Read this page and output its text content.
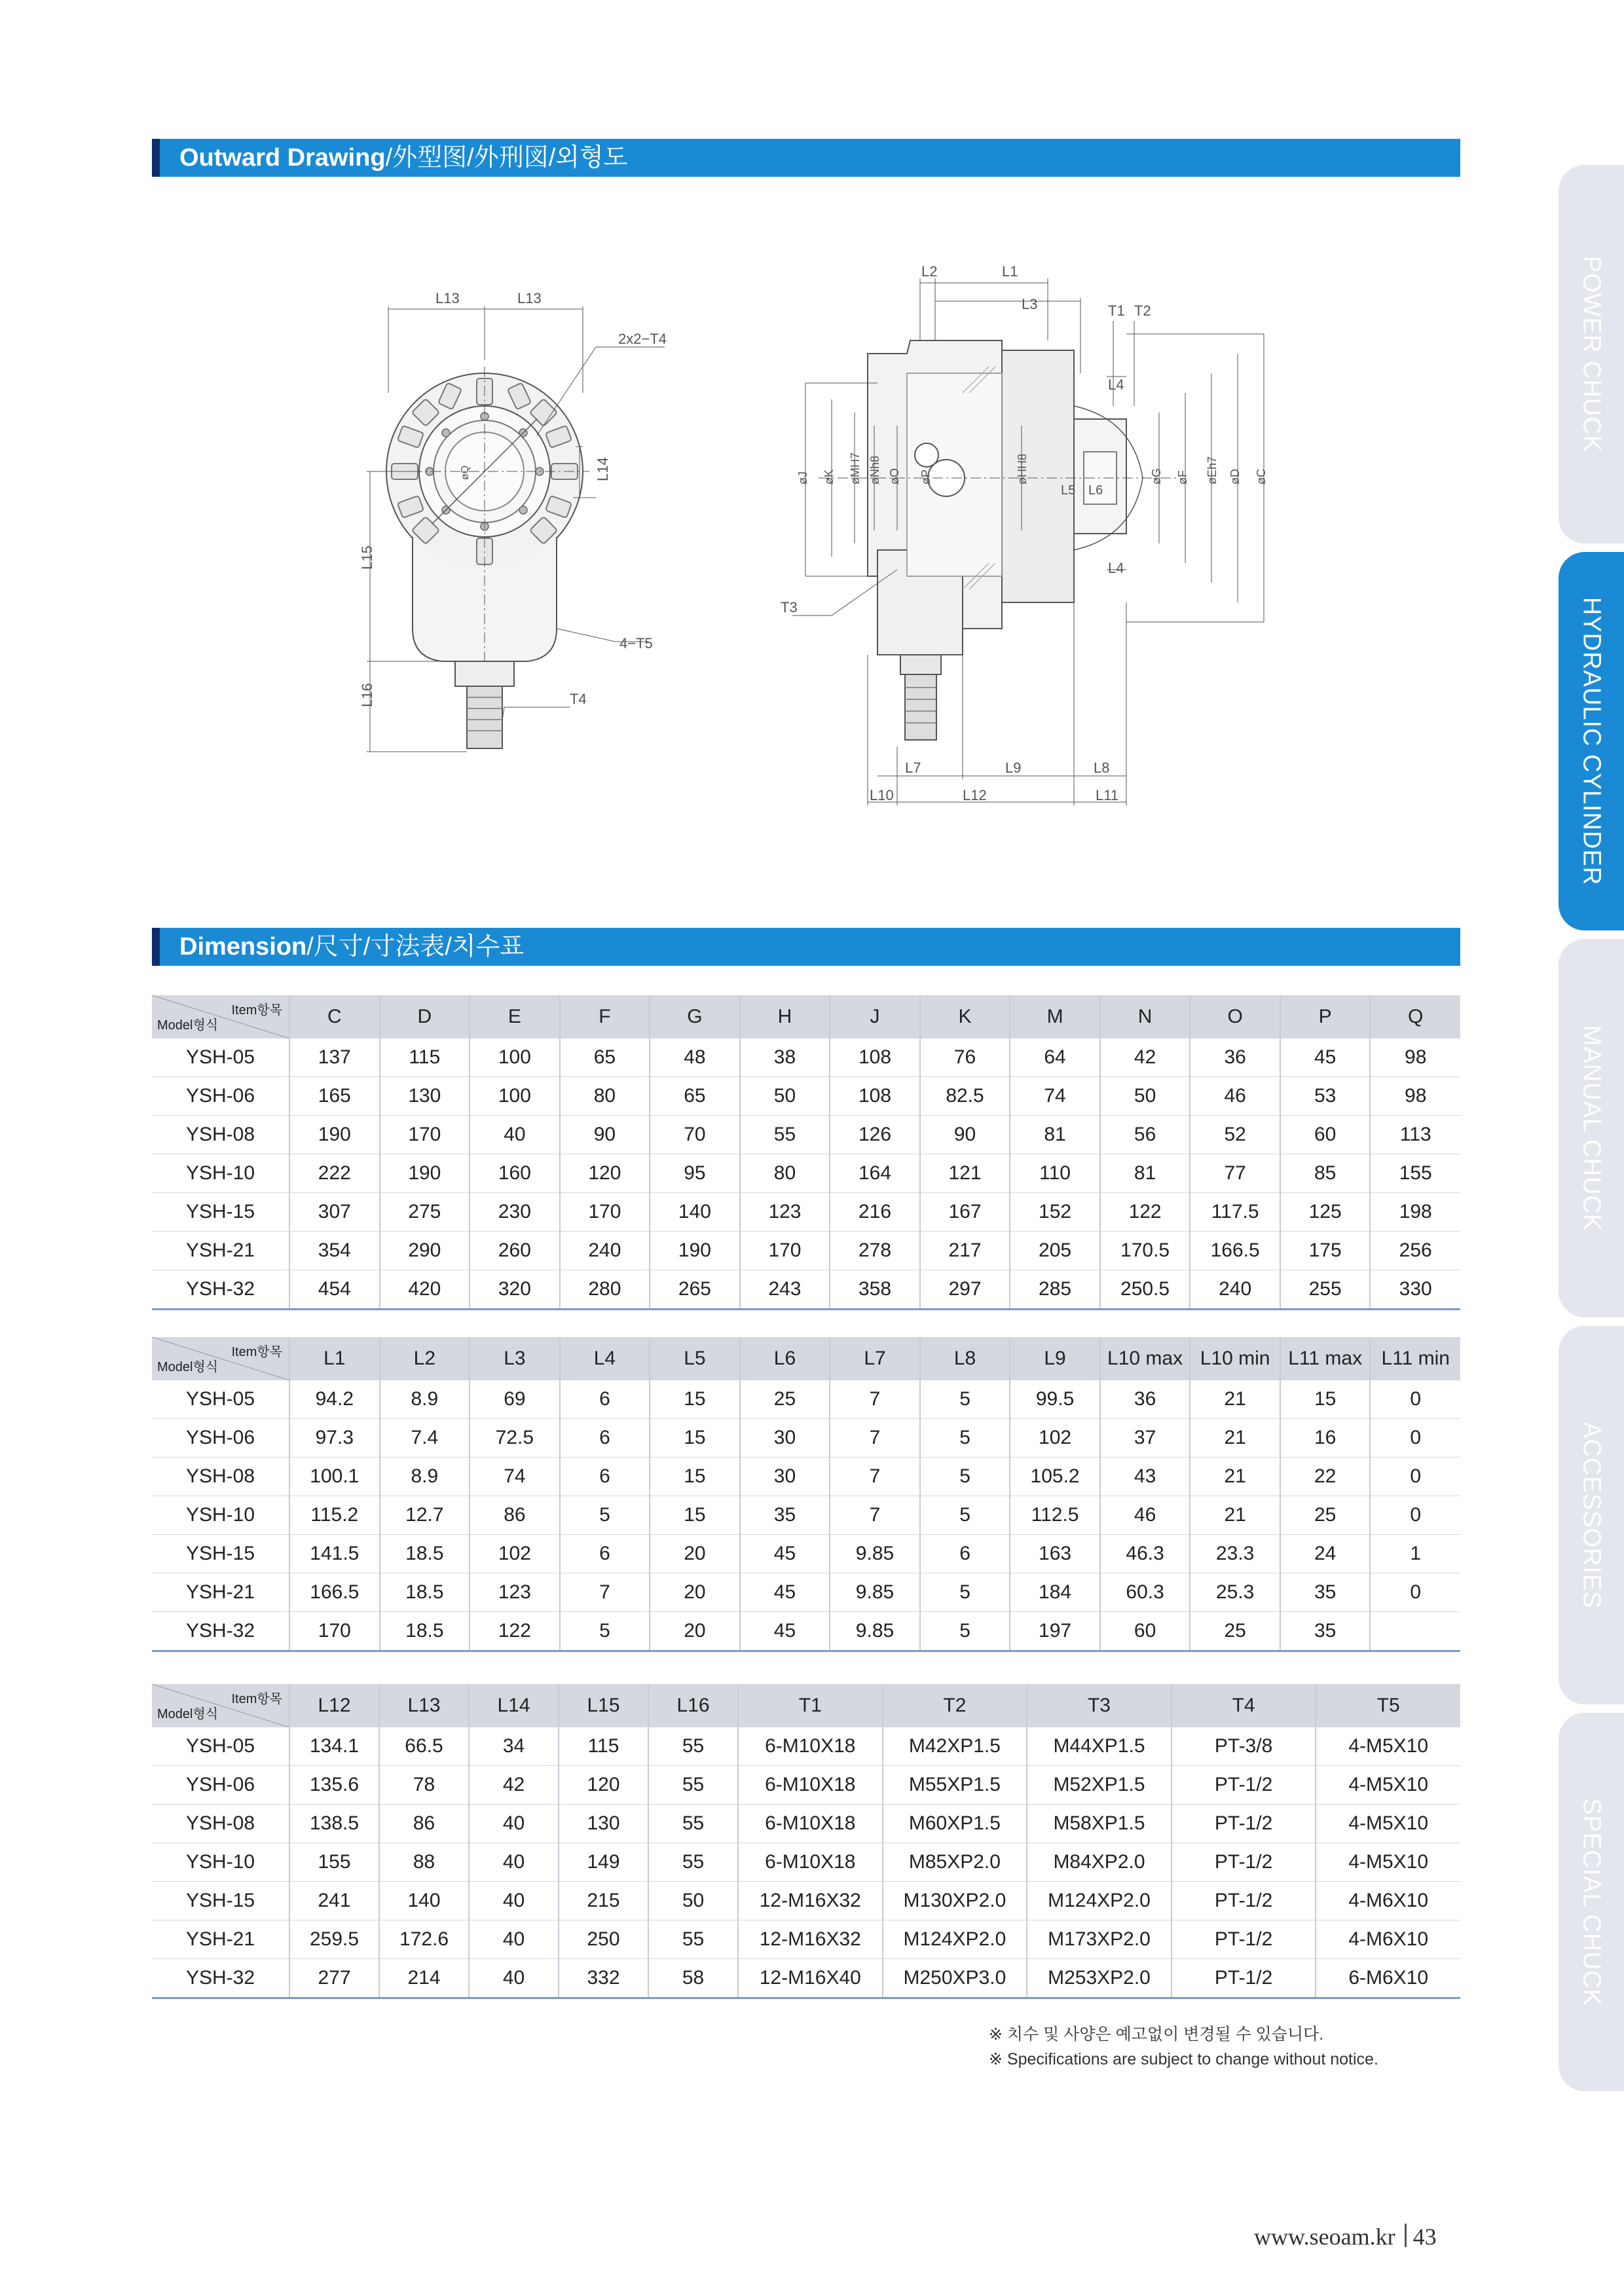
Outward Drawing/外型图/外刑図/외형도
øQ
L13	L13
2x2−T4
L14
L15
L16
4−T5
T4
L2	L1
L3	T1 T2
L4
L4
L5 L6
T3
L7	L9	L8
L10	L12	L11
øJ øK øMH7 øNh8 øO øP	øHH8	øG øF øEh7 øD øC
Dimension/尺寸/寸法表/치수표
Item항목
Model형식	C	D	E	F	G	H	J	K	M	N	O	P	Q
YSH-05	137	115	100	65	48	38	108	76	64	42	36	45	98
YSH-06	165	130	100	80	65	50	108	82.5	74	50	46	53	98
YSH-08	190	170	40	90	70	55	126	90	81	56	52	60	113
YSH-10	222	190	160	120	95	80	164	121	110	81	77	85	155
YSH-15	307	275	230	170	140	123	216	167	152	122	117.5	125	198
YSH-21	354	290	260	240	190	170	278	217	205	170.5	166.5	175	256
YSH-32	454	420	320	280	265	243	358	297	285	250.5	240	255	330
Item항목
Model형식	L1	L2	L3	L4	L5	L6	L7	L8	L9	L10 max	L10 min	L11 max	L11 min
YSH-05	94.2	8.9	69	6	15	25	7	5	99.5	36	21	15	0
YSH-06	97.3	7.4	72.5	6	15	30	7	5	102	37	21	16	0
YSH-08	100.1	8.9	74	6	15	30	7	5	105.2	43	21	22	0
YSH-10	115.2	12.7	86	5	15	35	7	5	112.5	46	21	25	0
YSH-15	141.5	18.5	102	6	20	45	9.85	6	163	46.3	23.3	24	1
YSH-21	166.5	18.5	123	7	20	45	9.85	5	184	60.3	25.3	35	0
YSH-32	170	18.5	122	5	20	45	9.85	5	197	60	25	35	
Item항목
Model형식	L12	L13	L14	L15	L16	T1	T2	T3	T4	T5
YSH-05	134.1	66.5	34	115	55	6-M10X18	M42XP1.5	M44XP1.5	PT-3/8	4-M5X10
YSH-06	135.6	78	42	120	55	6-M10X18	M55XP1.5	M52XP1.5	PT-1/2	4-M5X10
YSH-08	138.5	86	40	130	55	6-M10X18	M60XP1.5	M58XP1.5	PT-1/2	4-M5X10
YSH-10	155	88	40	149	55	6-M10X18	M85XP2.0	M84XP2.0	PT-1/2	4-M5X10
YSH-15	241	140	40	215	50	12-M16X32	M130XP2.0	M124XP2.0	PT-1/2	4-M6X10
YSH-21	259.5	172.6	40	250	55	12-M16X32	M124XP2.0	M173XP2.0	PT-1/2	4-M6X10
YSH-32	277	214	40	332	58	12-M16X40	M250XP3.0	M253XP2.0	PT-1/2	6-M6X10
※ 치수 및 사양은 예고없이 변경될 수 있습니다.
※ Specifications are subject to change without notice.
www.seoam.kr 43
POWER CHUCK
HYDRAULIC CYLINDER
MANUAL CHUCK
ACCESSORIES
SPECIAL CHUCK
